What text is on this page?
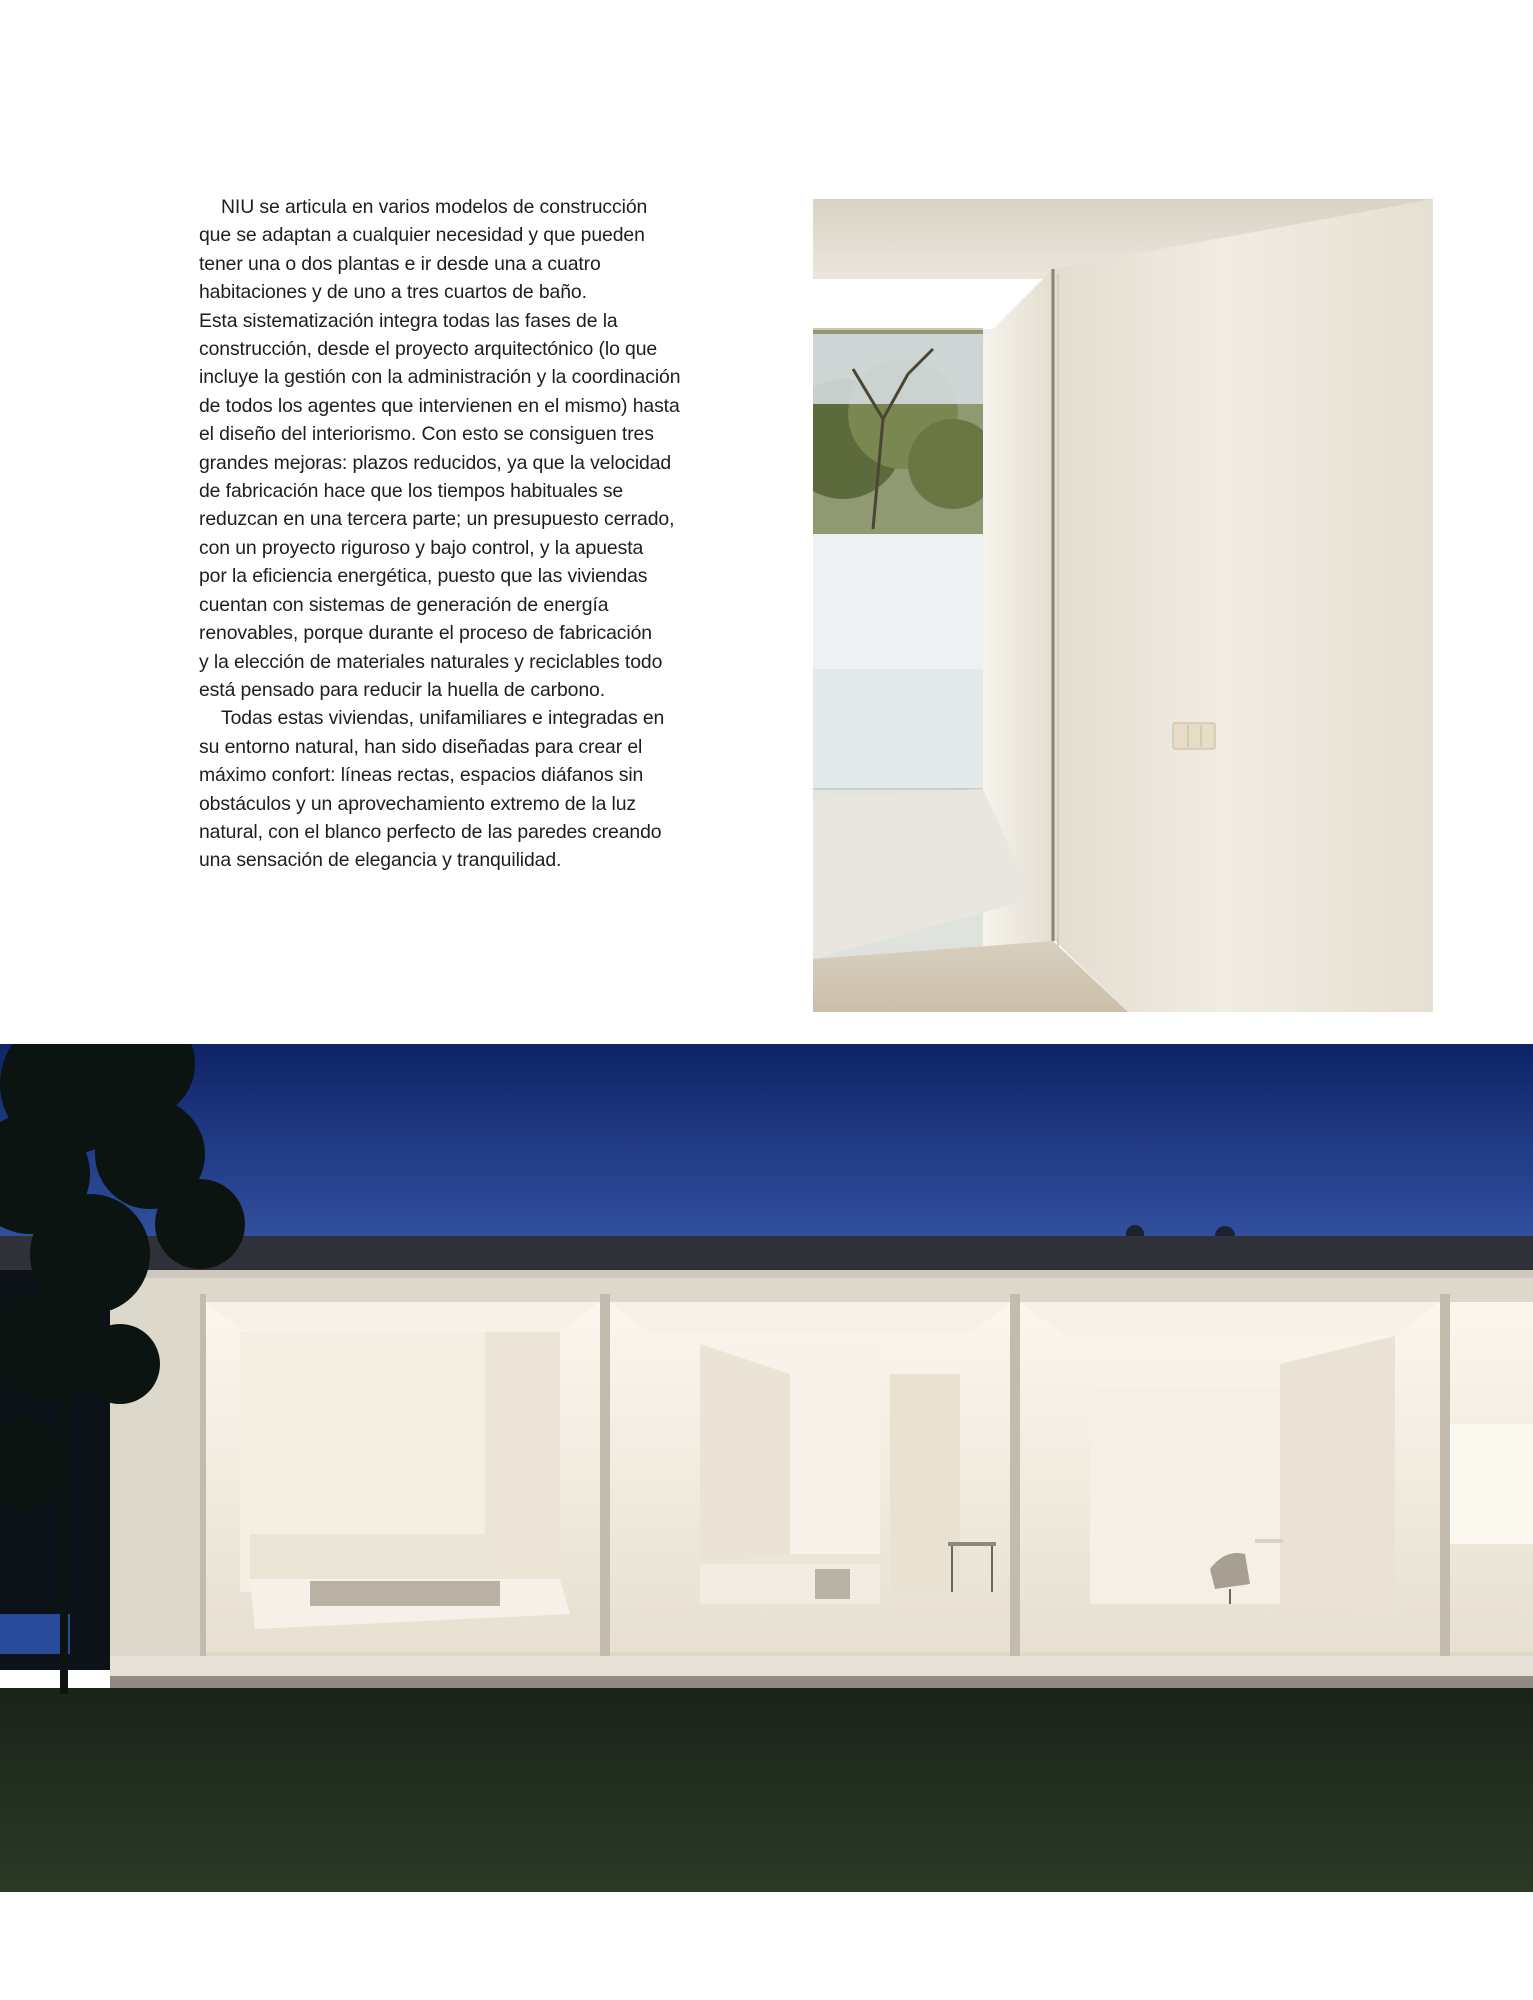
NIU se articula en varios modelos de construcción
que se adaptan a cualquier necesidad y que pueden
tener una o dos plantas e ir desde una a cuatro
habitaciones y de uno a tres cuartos de baño.
Esta sistematización integra todas las fases de la
construcción, desde el proyecto arquitectónico (lo que
incluye la gestión con la administración y la coordinación
de todos los agentes que intervienen en el mismo) hasta
el diseño del interiorismo. Con esto se consiguen tres
grandes mejoras: plazos reducidos, ya que la velocidad
de fabricación hace que los tiempos habituales se
reduzcan en una tercera parte; un presupuesto cerrado,
con un proyecto riguroso y bajo control, y la apuesta
por la eficiencia energética, puesto que las viviendas
cuentan con sistemas de generación de energía
renovables, porque durante el proceso de fabricación
y la elección de materiales naturales y reciclables todo
está pensado para reducir la huella de carbono.
Todas estas viviendas, unifamiliares e integradas en
su entorno natural, han sido diseñadas para crear el
máximo confort: líneas rectas, espacios diáfanos sin
obstáculos y un aprovechamiento extremo de la luz
natural, con el blanco perfecto de las paredes creando
una sensación de elegancia y tranquilidad.
